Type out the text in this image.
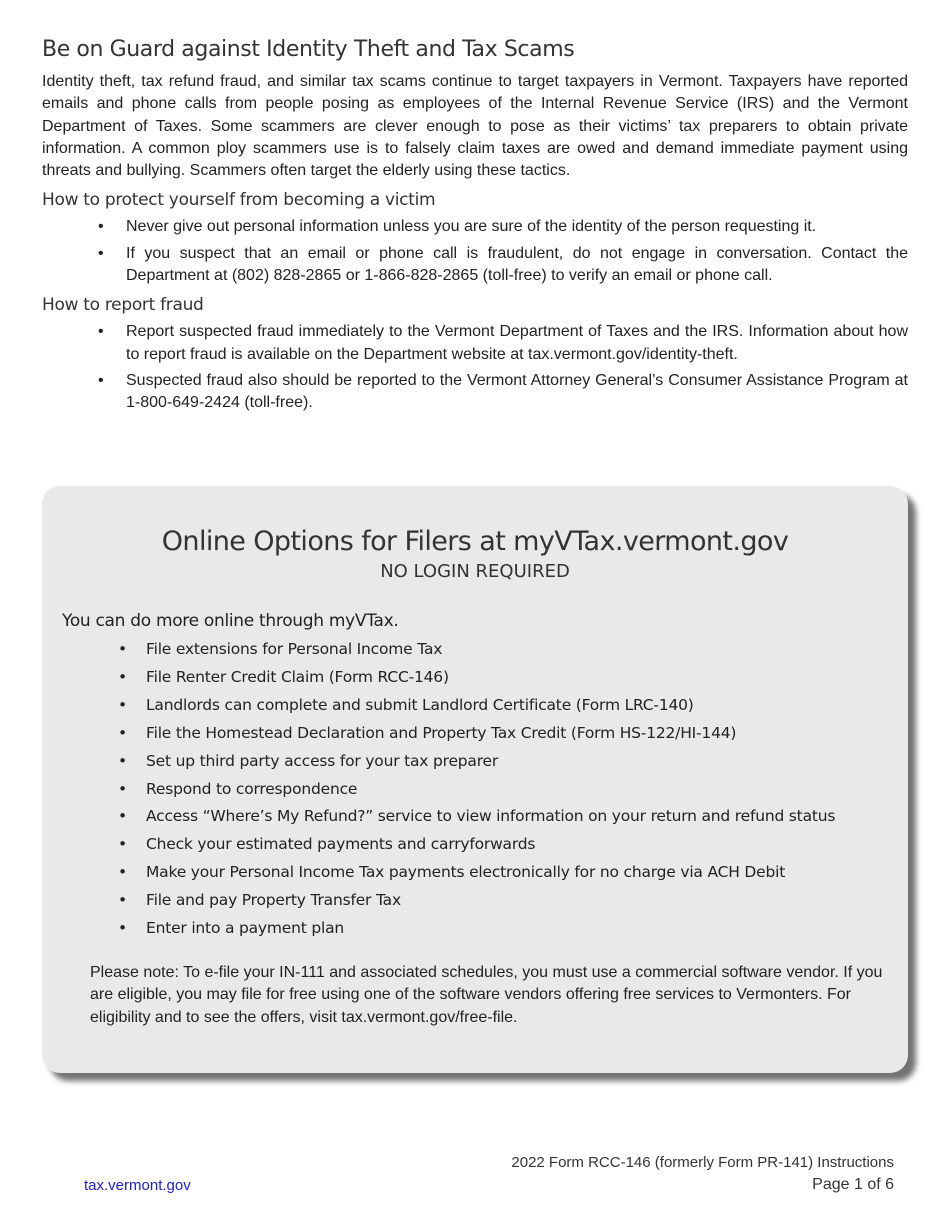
Be on Guard against Identity Theft and Tax Scams

Identity theft, tax refund fraud, and similar tax scams continue to target taxpayers in Vermont. Taxpayers have reported emails and phone calls from people posing as employees of the Internal Revenue Service (IRS) and the Vermont Department of Taxes. Some scammers are clever enough to pose as their victims’ tax preparers to obtain private information. A common ploy scammers use is to falsely claim taxes are owed and demand immediate payment using threats and bullying. Scammers often target the elderly using these tactics.

How to protect yourself from becoming a victim
• Never give out personal information unless you are sure of the identity of the person requesting it.
• If you suspect that an email or phone call is fraudulent, do not engage in conversation. Contact the Department at (802) 828-2865 or 1-866-828-2865 (toll-free) to verify an email or phone call.
How to report fraud
• Report suspected fraud immediately to the Vermont Department of Taxes and the IRS. Information about how to report fraud is available on the Department website at tax.vermont.gov/identity-theft.
• Suspected fraud also should be reported to the Vermont Attorney General’s Consumer Assistance Program at 1-800-649-2424 (toll-free).
Online Options for Filers at myVTax.vermont.gov
NO LOGIN REQUIRED
You can do more online through myVTax.
• File extensions for Personal Income Tax
• File Renter Credit Claim (Form RCC-146)
• Landlords can complete and submit Landlord Certificate (Form LRC-140)
• File the Homestead Declaration and Property Tax Credit (Form HS-122/HI-144)
• Set up third party access for your tax preparer
• Respond to correspondence
• Access “Where’s My Refund?” service to view information on your return and refund status
• Check your estimated payments and carryforwards
• Make your Personal Income Tax payments electronically for no charge via ACH Debit
• File and pay Property Transfer Tax
• Enter into a payment plan
Please note: To e-file your IN-111 and associated schedules, you must use a commercial software vendor. If you are eligible, you may file for free using one of the software vendors offering free services to Vermonters. For eligibility and to see the offers, visit tax.vermont.gov/free-file.
2022 Form RCC-146 (formerly Form PR-141) Instructions
Page 1 of 6
tax.vermont.gov
